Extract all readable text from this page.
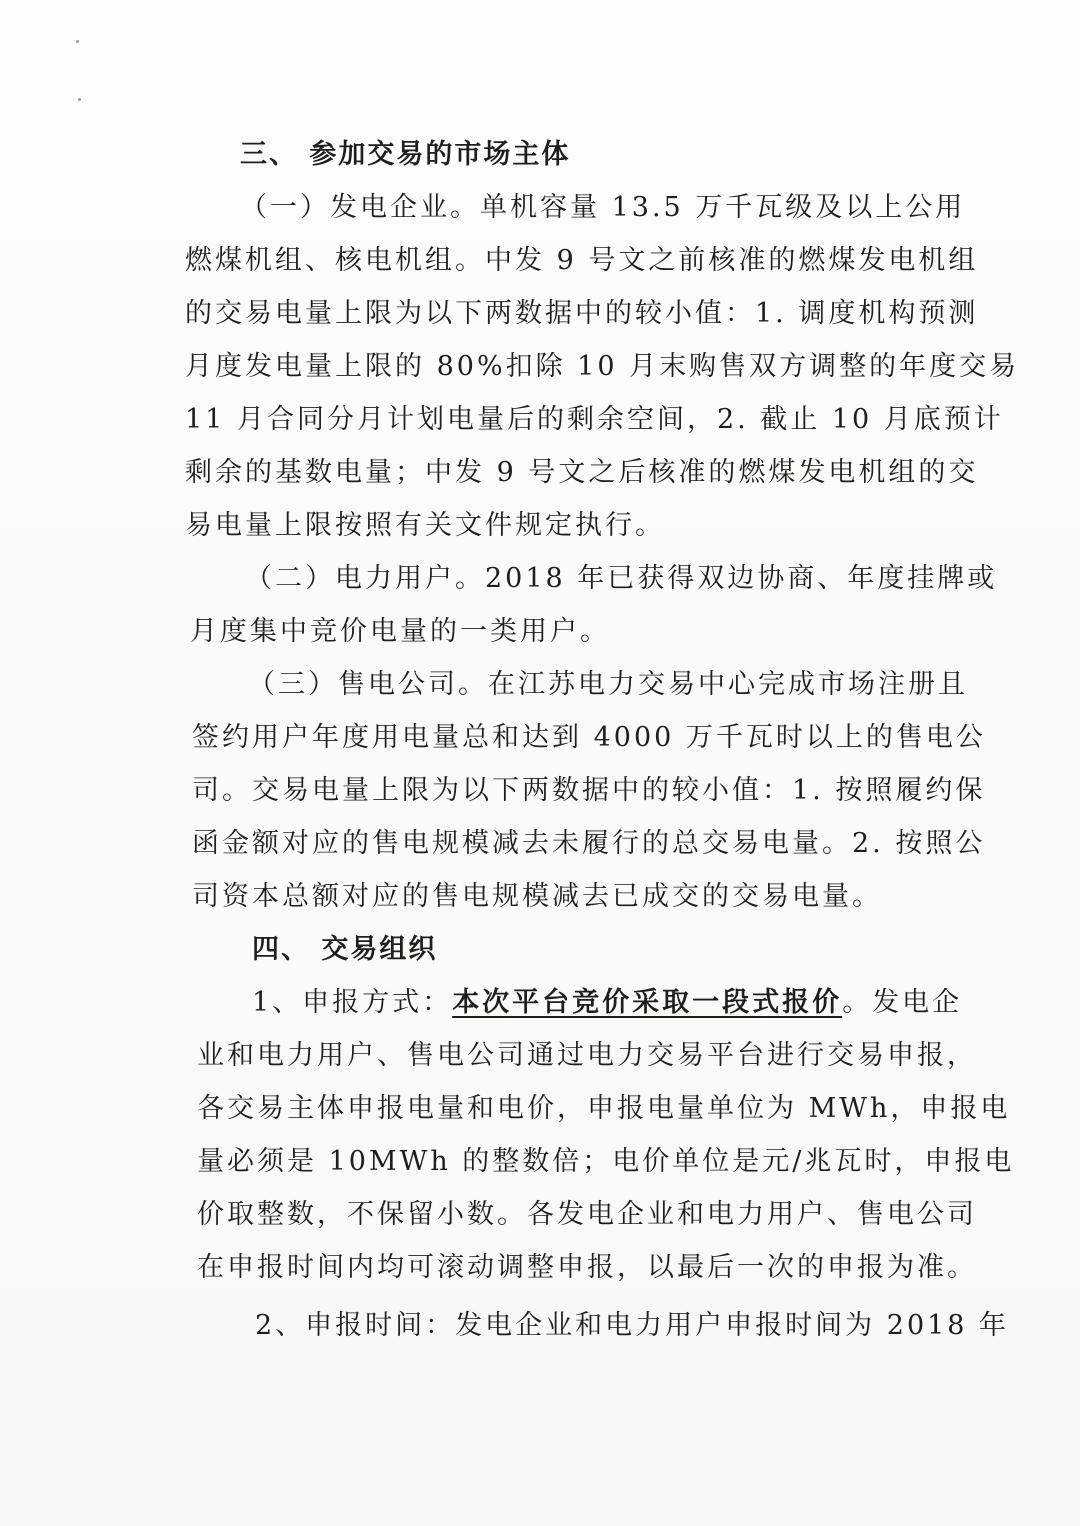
三、 参加交易的市场主体
（一）发电企业。单机容量 13.5 万千瓦级及以上公用
燃煤机组、核电机组。中发 9 号文之前核准的燃煤发电机组
的交易电量上限为以下两数据中的较小值：1. 调度机构预测
月度发电量上限的 80%扣除 10 月末购售双方调整的年度交易
11 月合同分月计划电量后的剩余空间，2. 截止 10 月底预计
剩余的基数电量；中发 9 号文之后核准的燃煤发电机组的交
易电量上限按照有关文件规定执行。
（二）电力用户。2018 年已获得双边协商、年度挂牌或
月度集中竞价电量的一类用户。
（三）售电公司。在江苏电力交易中心完成市场注册且
签约用户年度用电量总和达到 4000 万千瓦时以上的售电公
司。交易电量上限为以下两数据中的较小值：1. 按照履约保
函金额对应的售电规模减去未履行的总交易电量。2. 按照公
司资本总额对应的售电规模减去已成交的交易电量。
四、 交易组织
1、申报方式：本次平台竞价采取一段式报价。发电企
业和电力用户、售电公司通过电力交易平台进行交易申报，
各交易主体申报电量和电价，申报电量单位为 MWh，申报电
量必须是 10MWh 的整数倍；电价单位是元/兆瓦时，申报电
价取整数，不保留小数。各发电企业和电力用户、售电公司
在申报时间内均可滚动调整申报，以最后一次的申报为准。
2、申报时间：发电企业和电力用户申报时间为 2018 年
